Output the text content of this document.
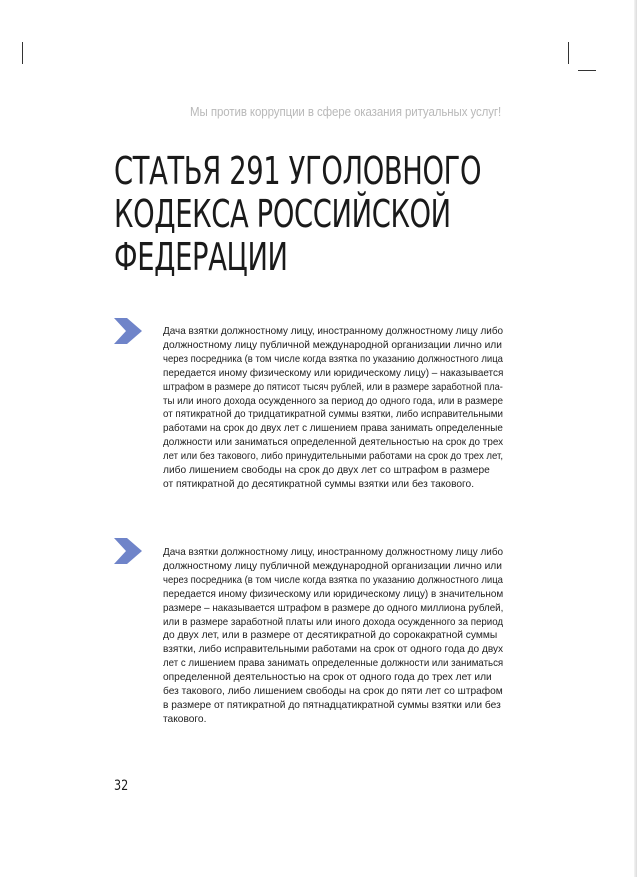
Мы против коррупции в сфере оказания ритуальных услуг!
СТАТЬЯ 291 УГОЛОВНОГО
КОДЕКСА РОССИЙСКОЙ
ФЕДЕРАЦИИ
Дача взятки должностному лицу, иностранному должностному лицу либо
должностному лицу публичной международной организации лично или
через посредника (в том числе когда взятка по указанию должностного лица
передается иному физическому или юридическому лицу) – наказывается
штрафом в размере до пятисот тысяч рублей, или в размере заработной пла-
ты или иного дохода осужденного за период до одного года, или в размере
от пятикратной до тридцатикратной суммы взятки, либо исправительными
работами на срок до двух лет с лишением права занимать определенные
должности или заниматься определенной деятельностью на срок до трех
лет или без такового, либо принудительными работами на срок до трех лет,
либо лишением свободы на срок до двух лет со штрафом в размере
от пятикратной до десятикратной суммы взятки или без такового.
Дача взятки должностному лицу, иностранному должностному лицу либо
должностному лицу публичной международной организации лично или
через посредника (в том числе когда взятка по указанию должностного лица
передается иному физическому или юридическому лицу) в значительном
размере – наказывается штрафом в размере до одного миллиона рублей,
или в размере заработной платы или иного дохода осужденного за период
до двух лет, или в размере от десятикратной до сорокакратной суммы
взятки, либо исправительными работами на срок от одного года до двух
лет с лишением права занимать определенные должности или заниматься
определенной деятельностью на срок от одного года до трех лет или
без такового, либо лишением свободы на срок до пяти лет со штрафом
в размере от пятикратной до пятнадцатикратной суммы взятки или без
такового.
32
